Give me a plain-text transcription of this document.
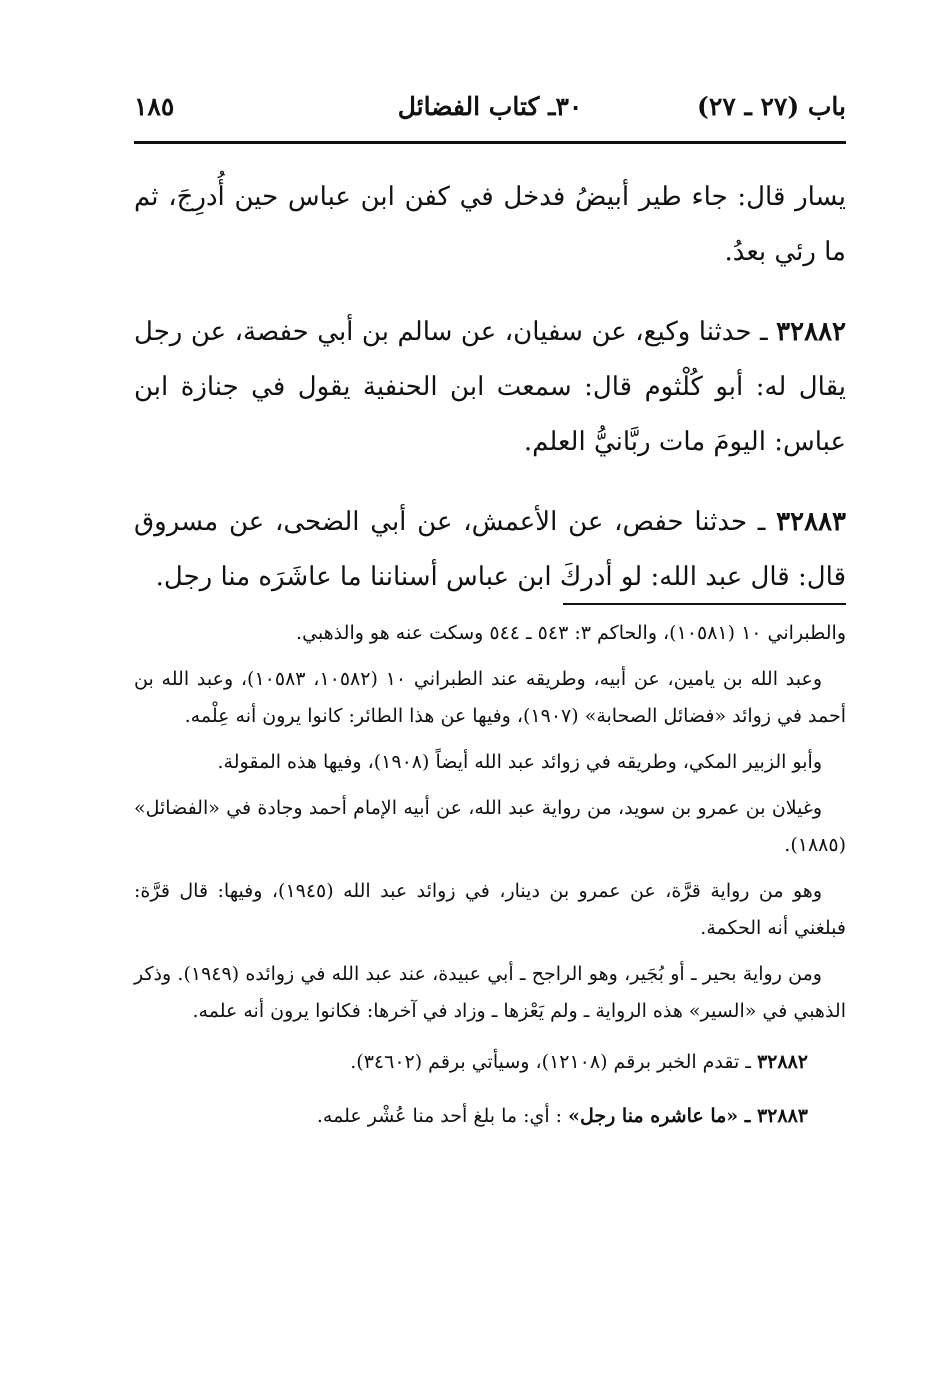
باب (٢٧ ـ ٢٧)
٣٠ـ كتاب الفضائل
١٨٥

يسار قال: جاء طير أبيضُ فدخل في كفن ابن عباس حين أُدرِجَ، ثم ما رئي بعدُ.

٣٢٨٨٢ ـ حدثنا وكيع، عن سفيان، عن سالم بن أبي حفصة، عن رجل يقال له: أبو كُلْثوم قال: سمعت ابن الحنفية يقول في جنازة ابن عباس: اليومَ مات ربَّانيُّ العلم.

٣٢٨٨٣ ـ حدثنا حفص، عن الأعمش، عن أبي الضحى، عن مسروق قال: قال عبد الله: لو أدركَ ابن عباس أسناننا ما عاشَرَه منا رجل.

والطبراني ١٠ (١٠٥٨١)، والحاكم ٣: ٥٤٣ ـ ٥٤٤ وسكت عنه هو والذهبي.

وعبد الله بن يامين، عن أبيه، وطريقه عند الطبراني ١٠ (١٠٥٨٢، ١٠٥٨٣)، وعبد الله بن أحمد في زوائد «فضائل الصحابة» (١٩٠٧)، وفيها عن هذا الطائر: كانوا يرون أنه عِلْمه.

وأبو الزبير المكي، وطريقه في زوائد عبد الله أيضاً (١٩٠٨)، وفيها هذه المقولة.

وغيلان بن عمرو بن سويد، من رواية عبد الله، عن أبيه الإمام أحمد وجادة في «الفضائل» (١٨٨٥).

وهو من رواية قرَّة، عن عمرو بن دينار، في زوائد عبد الله (١٩٤٥)، وفيها: قال قرَّة: فبلغني أنه الحكمة.

ومن رواية بحير ـ أو بُجَير، وهو الراجح ـ أبي عبيدة، عند عبد الله في زوائده (١٩٤٩). وذكر الذهبي في «السير» هذه الرواية ـ ولم يَعْزها ـ وزاد في آخرها: فكانوا يرون أنه علمه.

٣٢٨٨٢ ـ تقدم الخبر برقم (١٢١٠٨)، وسيأتي برقم (٣٤٦٠٢).

٣٢٨٨٣ ـ «ما عاشره منا رجل» : أي: ما بلغ أحد منا عُشْر علمه.
